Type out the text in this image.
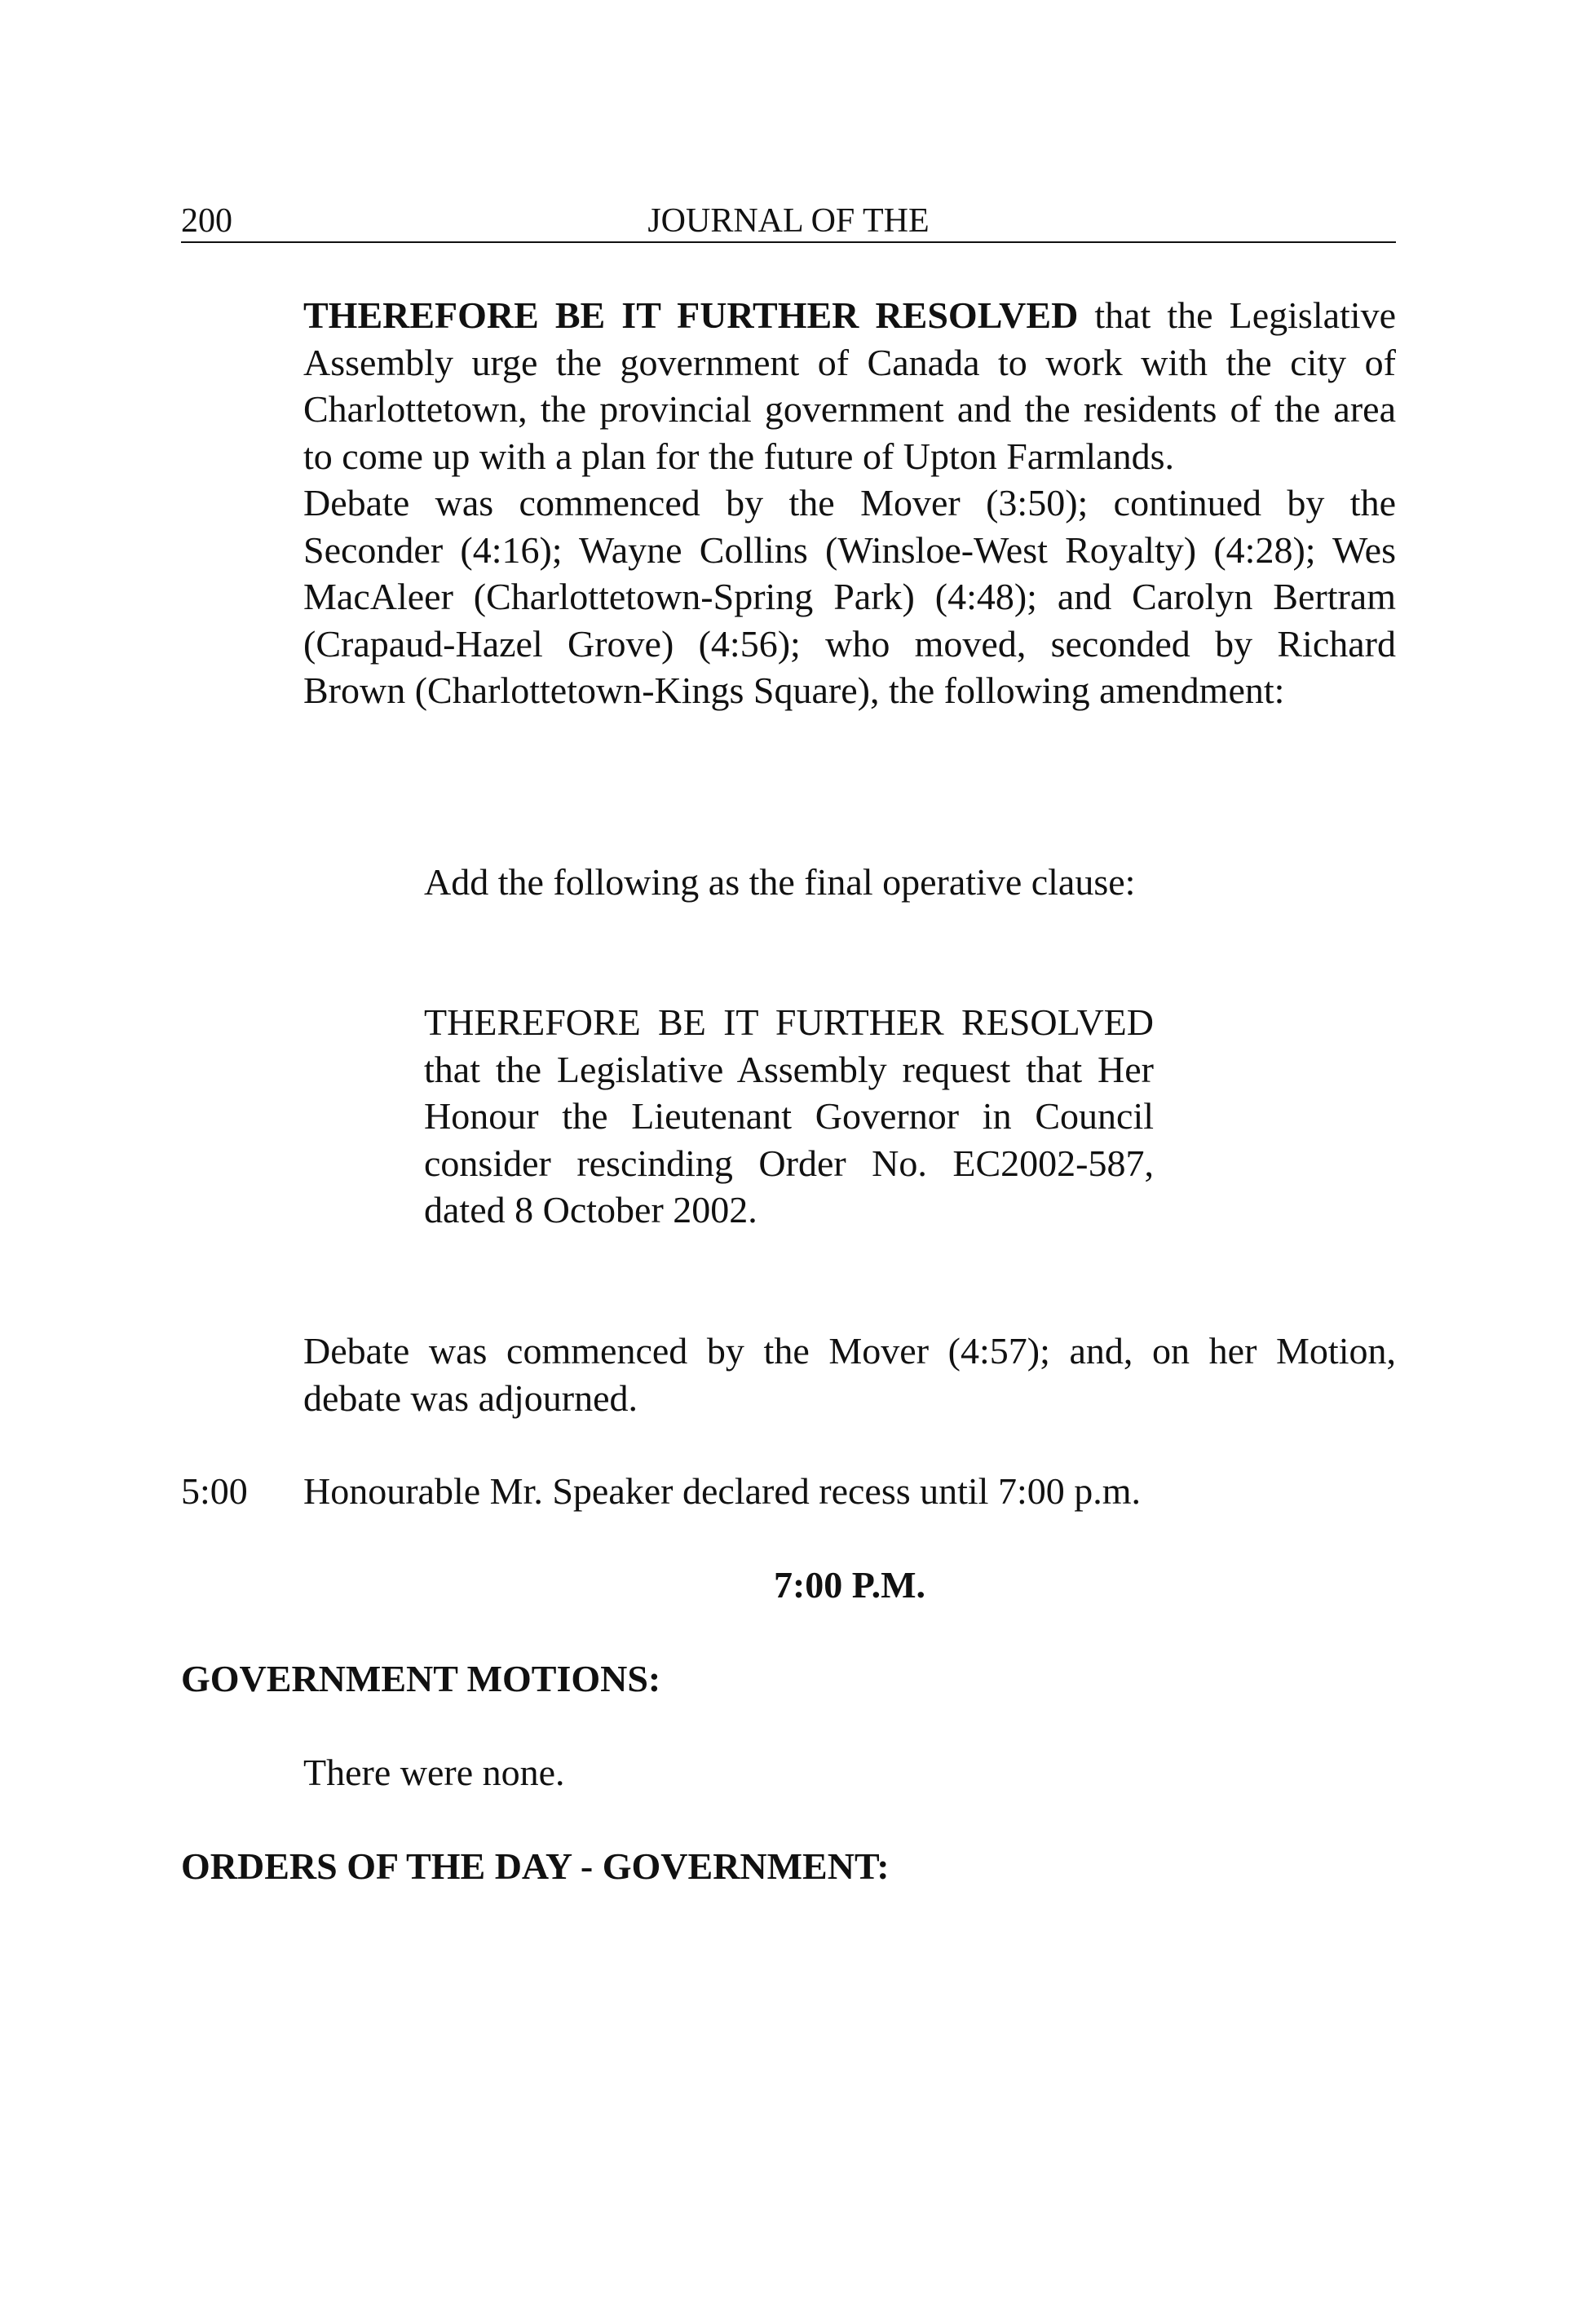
200	JOURNAL OF THE

THEREFORE BE IT FURTHER RESOLVED that the Legislative Assembly urge the government of Canada to work with the city of Charlottetown, the provincial government and the residents of the area to come up with a plan for the future of Upton Farmlands.

Debate was commenced by the Mover (3:50); continued by the Seconder (4:16); Wayne Collins (Winsloe-West Royalty) (4:28); Wes MacAleer (Charlottetown-Spring Park) (4:48); and Carolyn Bertram (Crapaud-Hazel Grove) (4:56); who moved, seconded by Richard Brown (Charlottetown-Kings Square), the following amendment:

Add the following as the final operative clause:

THEREFORE BE IT FURTHER RESOLVED that the Legislative Assembly request that Her Honour the Lieutenant Governor in Council consider rescinding Order No. EC2002-587, dated 8 October 2002.

Debate was commenced by the Mover (4:57); and, on her Motion, debate was adjourned.

5:00 Honourable Mr. Speaker declared recess until 7:00 p.m.

7:00 P.M.
GOVERNMENT MOTIONS:

There were none.

ORDERS OF THE DAY - GOVERNMENT:
